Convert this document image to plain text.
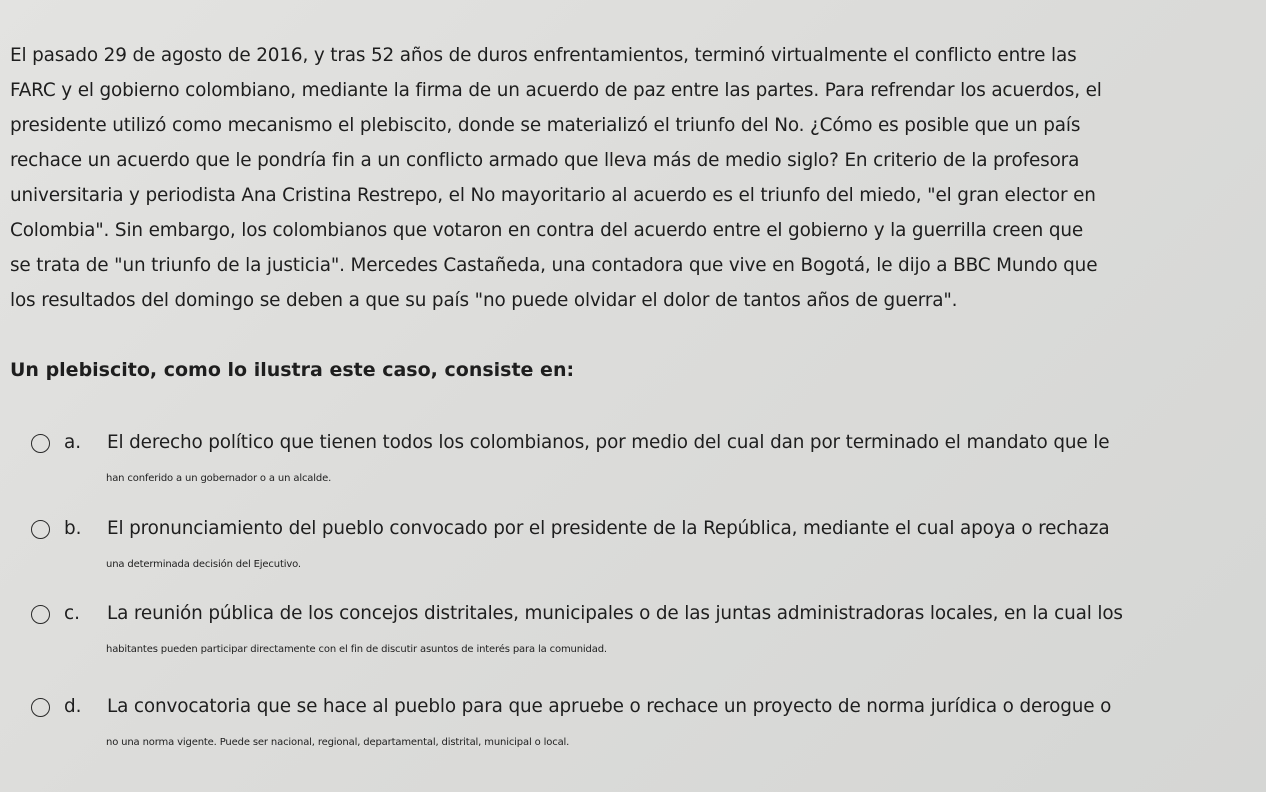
El pasado 29 de agosto de 2016, y tras 52 años de duros enfrentamientos, terminó virtualmente el conflicto entre las
FARC y el gobierno colombiano, mediante la firma de un acuerdo de paz entre las partes. Para refrendar los acuerdos, el
presidente utilizó como mecanismo el plebiscito, donde se materializó el triunfo del No. ¿Cómo es posible que un país
rechace un acuerdo que le pondría fin a un conflicto armado que lleva más de medio siglo? En criterio de la profesora
universitaria y periodista Ana Cristina Restrepo, el No mayoritario al acuerdo es el triunfo del miedo, "el gran elector en
Colombia". Sin embargo, los colombianos que votaron en contra del acuerdo entre el gobierno y la guerrilla creen que
se trata de "un triunfo de la justicia". Mercedes Castañeda, una contadora que vive en Bogotá, le dijo a BBC Mundo que
los resultados del domingo se deben a que su país "no puede olvidar el dolor de tantos años de guerra".
Un plebiscito, como lo ilustra este caso, consiste en:
a. El derecho político que tienen todos los colombianos, por medio del cual dan por terminado el mandato que le
han conferido a un gobernador o a un alcalde.
b. El pronunciamiento del pueblo convocado por el presidente de la República, mediante el cual apoya o rechaza
una determinada decisión del Ejecutivo.
c. La reunión pública de los concejos distritales, municipales o de las juntas administradoras locales, en la cual los
habitantes pueden participar directamente con el fin de discutir asuntos de interés para la comunidad.
d. La convocatoria que se hace al pueblo para que apruebe o rechace un proyecto de norma jurídica o derogue o
no una norma vigente. Puede ser nacional, regional, departamental, distrital, municipal o local.
